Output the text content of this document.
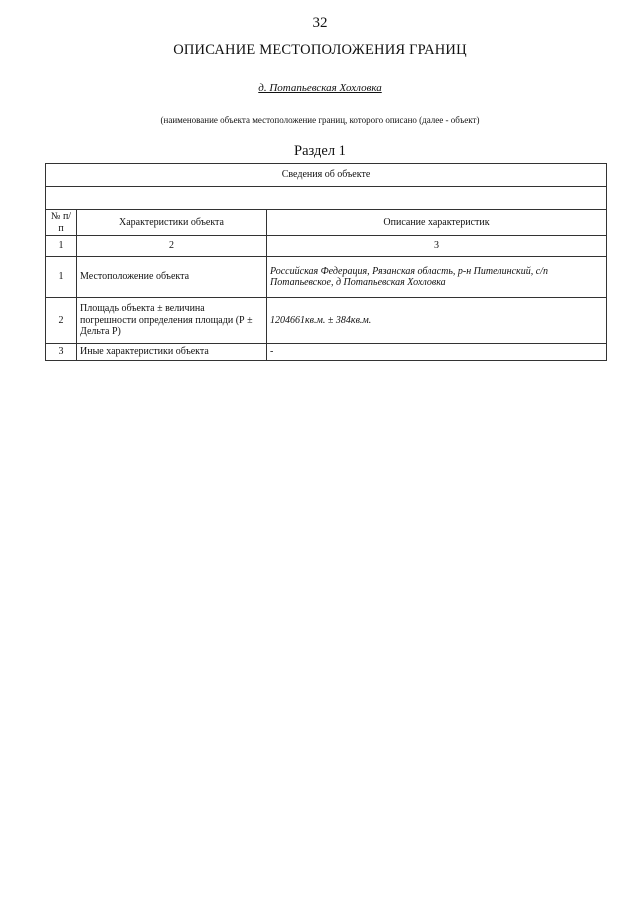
32
ОПИСАНИЕ МЕСТОПОЛОЖЕНИЯ ГРАНИЦ
д. Потапьевская Хохловка
(наименование объекта местоположение границ, которого описано (далее - объект)
Раздел 1
Сведения об объекте		

№ п/п	Характеристики объекта	Описание характеристик
1	2	3
1	Местоположение объекта	Российская Федерация, Рязанская область, р-н Пителинский, с/п Потапьевское, д Потапьевская Хохловка
2	Площадь объекта ± величина погрешности определения площади (Р ± Дельта Р)	1204661кв.м. ± 384кв.м.
3	Иные характеристики объекта	-
